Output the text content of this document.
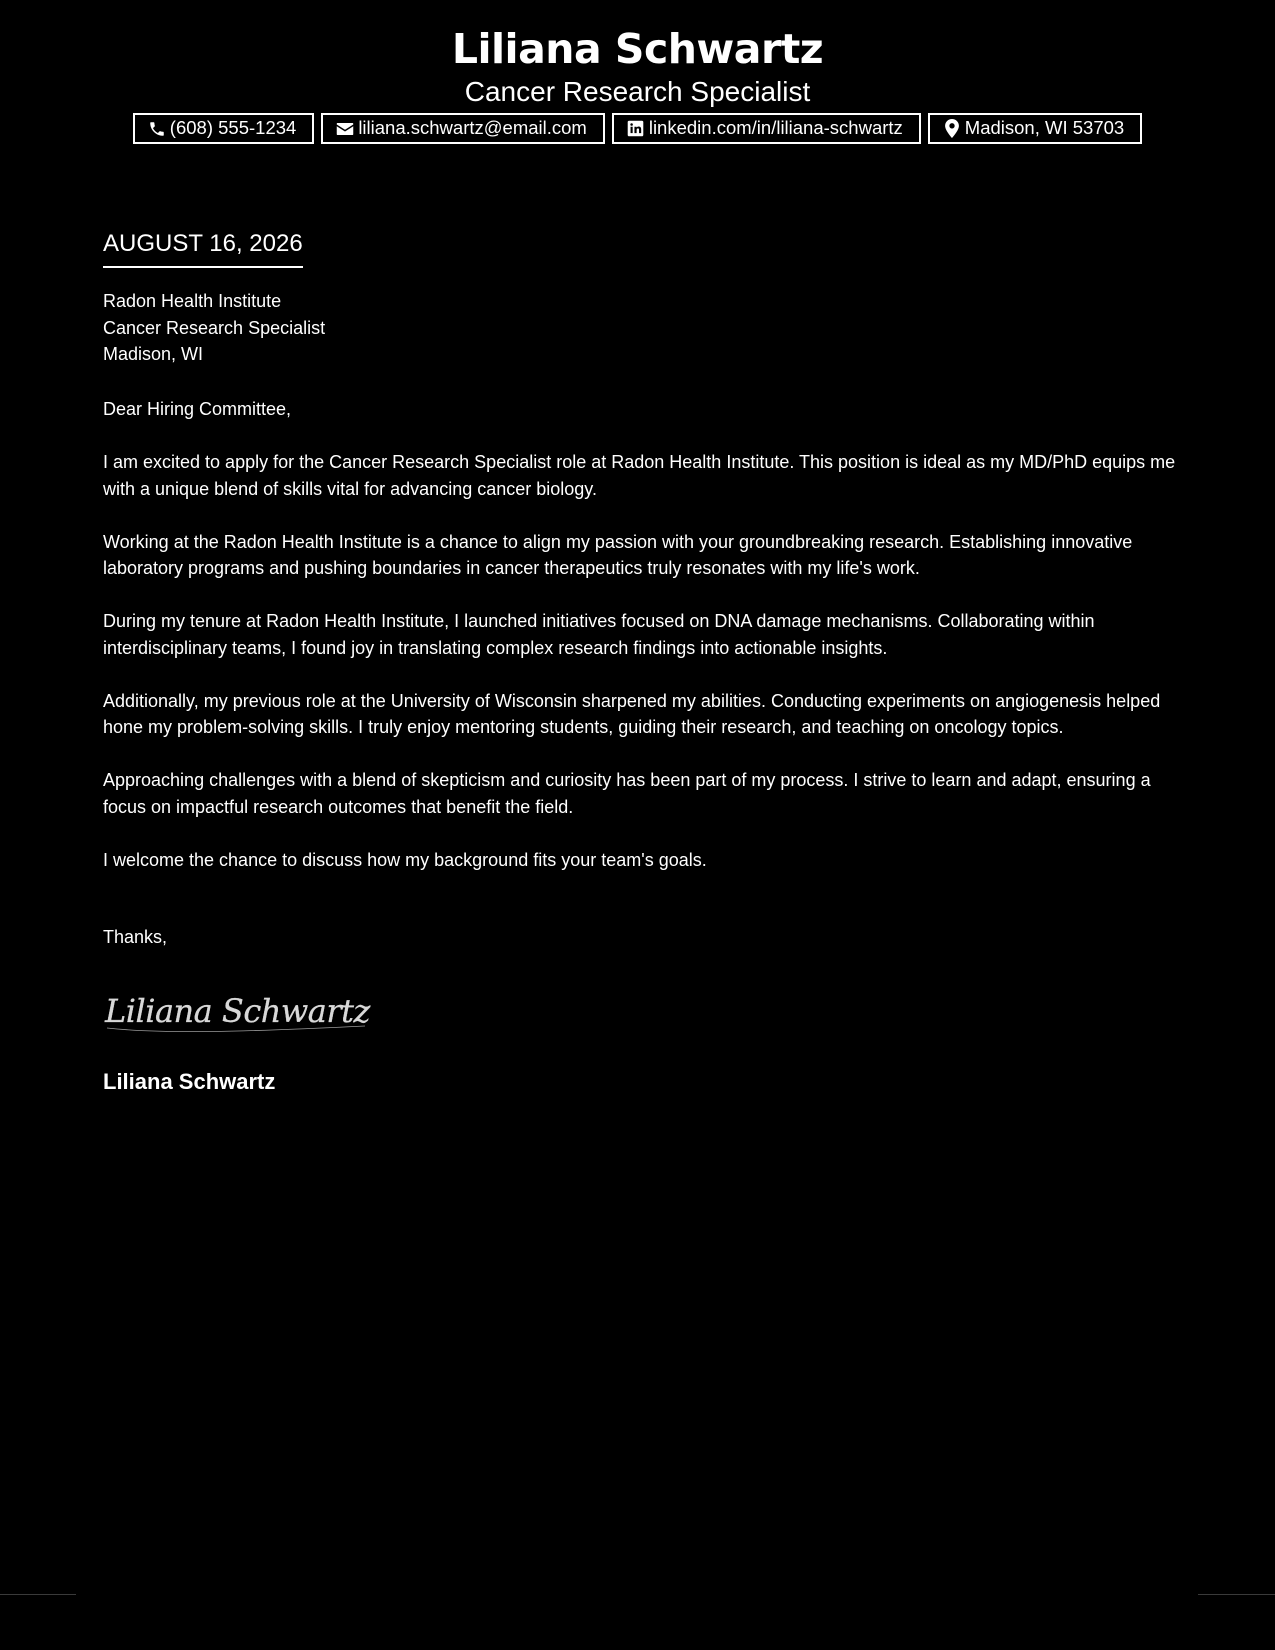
Liliana Schwartz
Cancer Research Specialist
(608) 555-1234	liliana.schwartz@email.com	linkedin.com/in/liliana-schwartz	Madison, WI 53703
AUGUST 16, 2026
Radon Health Institute
Cancer Research Specialist
Madison, WI
Dear Hiring Committee,

I am excited to apply for the Cancer Research Specialist role at Radon Health Institute. This position is ideal as my MD/PhD equips me with a unique blend of skills vital for advancing cancer biology.

Working at the Radon Health Institute is a chance to align my passion with your groundbreaking research. Establishing innovative laboratory programs and pushing boundaries in cancer therapeutics truly resonates with my life's work.

During my tenure at Radon Health Institute, I launched initiatives focused on DNA damage mechanisms. Collaborating within interdisciplinary teams, I found joy in translating complex research findings into actionable insights.

Additionally, my previous role at the University of Wisconsin sharpened my abilities. Conducting experiments on angiogenesis helped hone my problem-solving skills. I truly enjoy mentoring students, guiding their research, and teaching on oncology topics.

Approaching challenges with a blend of skepticism and curiosity has been part of my process. I strive to learn and adapt, ensuring a focus on impactful research outcomes that benefit the field.

I welcome the chance to discuss how my background fits your team's goals.

Thanks,
Liliana Schwartz
Liliana Schwartz
